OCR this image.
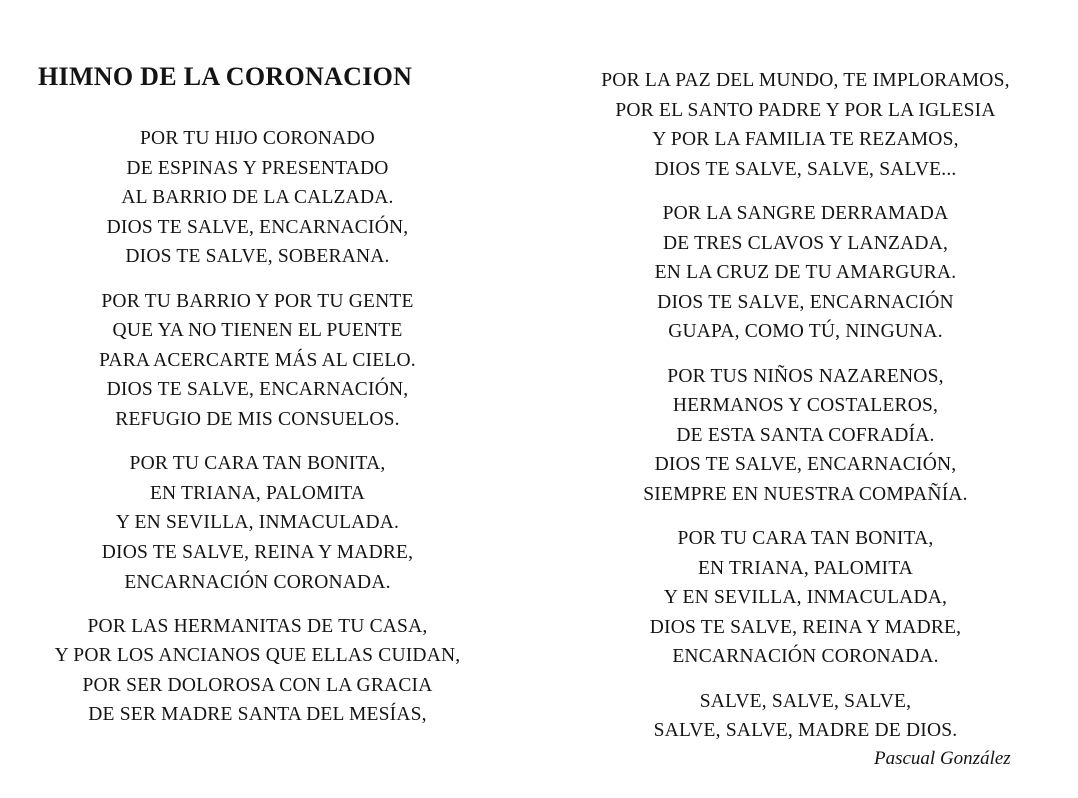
HIMNO DE LA CORONACION

POR TU HIJO CORONADO
DE ESPINAS Y PRESENTADO
AL BARRIO DE LA CALZADA.
DIOS TE SALVE, ENCARNACIÓN,
DIOS TE SALVE, SOBERANA.

POR TU BARRIO Y POR TU GENTE
QUE YA NO TIENEN EL PUENTE
PARA ACERCARTE MÁS AL CIELO.
DIOS TE SALVE, ENCARNACIÓN,
REFUGIO DE MIS CONSUELOS.

POR TU CARA TAN BONITA,
EN TRIANA, PALOMITA
Y EN SEVILLA, INMACULADA.
DIOS TE SALVE, REINA Y MADRE,
ENCARNACIÓN CORONADA.

POR LAS HERMANITAS DE TU CASA,
Y POR LOS ANCIANOS QUE ELLAS CUIDAN,
POR SER DOLOROSA CON LA GRACIA
DE SER MADRE SANTA DEL MESÍAS,

POR LA PAZ DEL MUNDO, TE IMPLORAMOS,
POR EL SANTO PADRE Y POR LA IGLESIA
Y POR LA FAMILIA TE REZAMOS,
DIOS TE SALVE, SALVE, SALVE...

POR LA SANGRE DERRAMADA
DE TRES CLAVOS Y LANZADA,
EN LA CRUZ DE TU AMARGURA.
DIOS TE SALVE, ENCARNACIÓN
GUAPA, COMO TÚ, NINGUNA.

POR TUS NIÑOS NAZARENOS,
HERMANOS Y COSTALEROS,
DE ESTA SANTA COFRADÍA.
DIOS TE SALVE, ENCARNACIÓN,
SIEMPRE EN NUESTRA COMPAÑÍA.

POR TU CARA TAN BONITA,
EN TRIANA, PALOMITA
Y EN SEVILLA, INMACULADA,
DIOS TE SALVE, REINA Y MADRE,
ENCARNACIÓN CORONADA.

SALVE, SALVE, SALVE,
SALVE, SALVE, MADRE DE DIOS.

Pascual González
